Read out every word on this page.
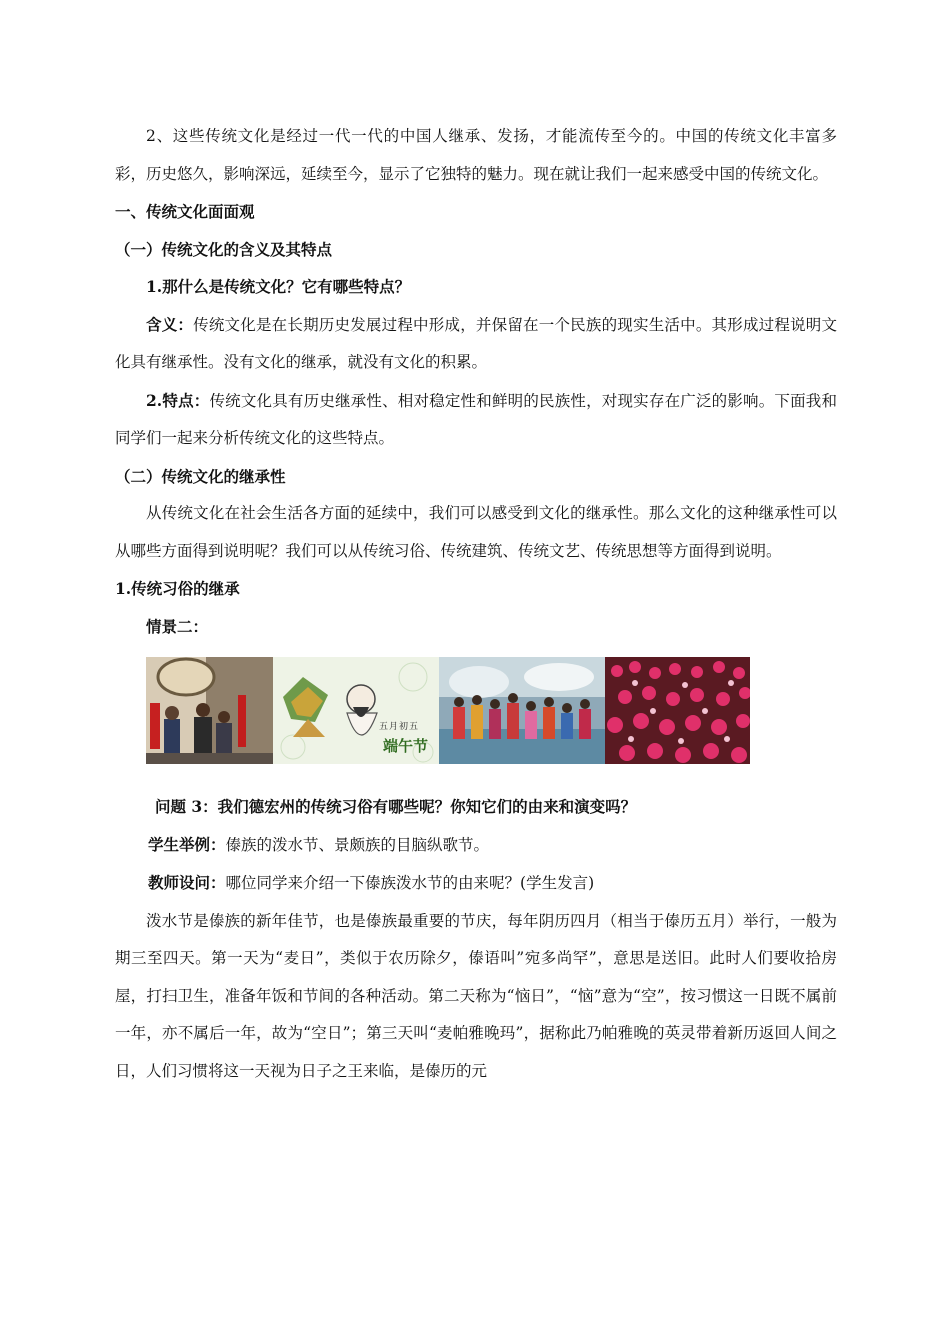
2、这些传统文化是经过一代一代的中国人继承、发扬，才能流传至今的。中国的传统文化丰富多彩，历史悠久，影响深远，延续至今，显示了它独特的魅力。现在就让我们一起来感受中国的传统文化。

一、传统文化面面观

（一）传统文化的含义及其特点

1.那什么是传统文化？它有哪些特点？

含义：传统文化是在长期历史发展过程中形成，并保留在一个民族的现实生活中。其形成过程说明文化具有继承性。没有文化的继承，就没有文化的积累。

2.特点：传统文化具有历史继承性、相对稳定性和鲜明的民族性，对现实存在广泛的影响。下面我和同学们一起来分析传统文化的这些特点。

（二）传统文化的继承性

从传统文化在社会生活各方面的延续中，我们可以感受到文化的继承性。那么文化的这种继承性可以从哪些方面得到说明呢？我们可以从传统习俗、传统建筑、传统文艺、传统思想等方面得到说明。

1.传统习俗的继承

情景二：

五月初五
端午节

问题 3：我们德宏州的传统习俗有哪些呢？你知它们的由来和演变吗？

学生举例：傣族的泼水节、景颇族的目脑纵歌节。

教师设问：哪位同学来介绍一下傣族泼水节的由来呢？(学生发言)

泼水节是傣族的新年佳节，也是傣族最重要的节庆，每年阴历四月（相当于傣历五月）举行，一般为期三至四天。第一天为“麦日”，类似于农历除夕，傣语叫”宛多尚罕”，意思是送旧。此时人们要收拾房屋，打扫卫生，准备年饭和节间的各种活动。第二天称为“恼日”，“恼”意为“空”，按习惯这一日既不属前一年，亦不属后一年，故为“空日”；第三天叫“麦帕雅晚玛”，据称此乃帕雅晚的英灵带着新历返回人间之日，人们习惯将这一天视为日子之王来临，是傣历的元
